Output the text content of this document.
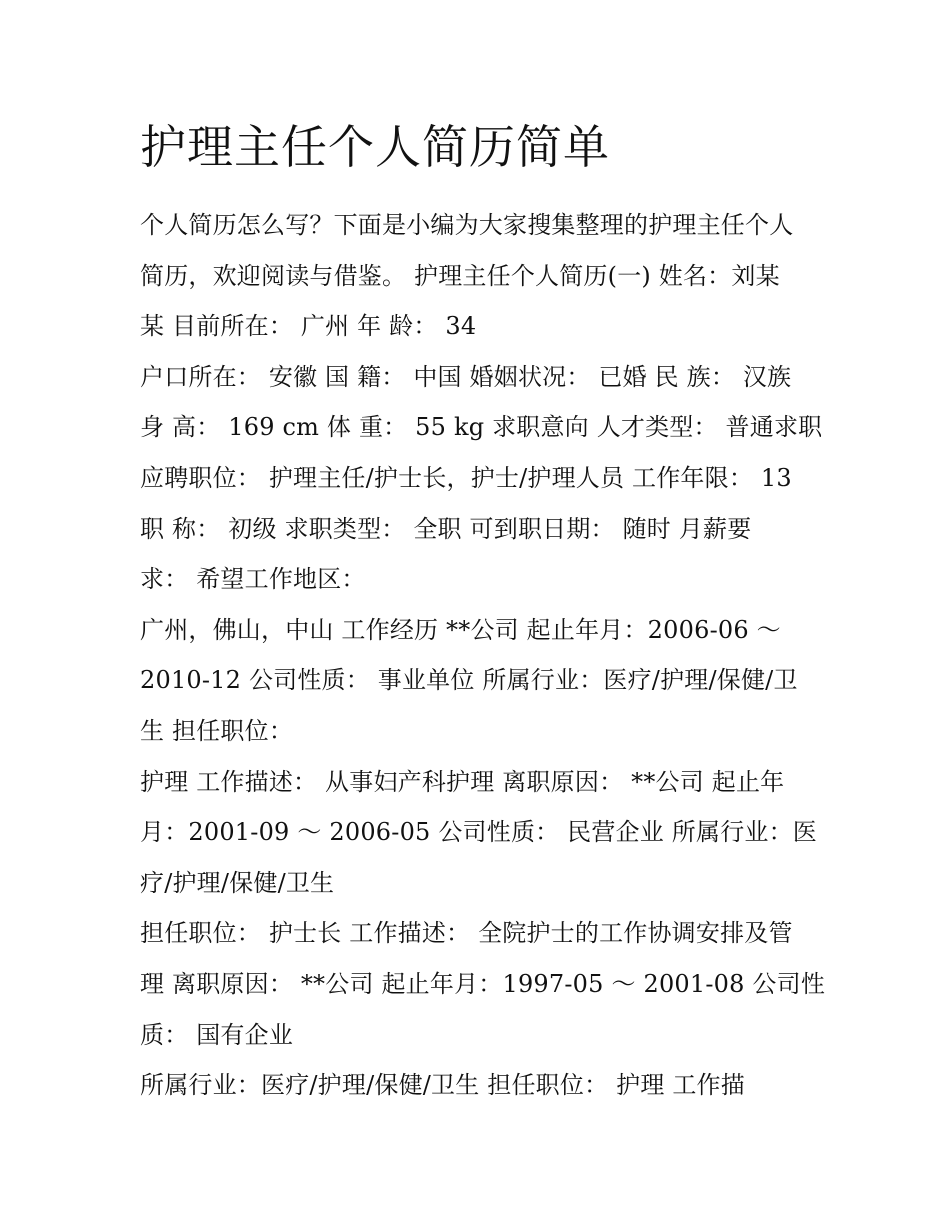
护理主任个人简历简单
个人简历怎么写？下面是小编为大家搜集整理的护理主任个人
简历，欢迎阅读与借鉴。 护理主任个人简历(一) 姓名：刘某
某 目前所在： 广州 年 龄： 34
户口所在： 安徽 国 籍： 中国 婚姻状况： 已婚 民 族： 汉族
身 高： 169 cm 体 重： 55 kg 求职意向 人才类型： 普通求职
应聘职位： 护理主任/护士长，护士/护理人员 工作年限： 13
职 称： 初级 求职类型： 全职 可到职日期： 随时 月薪要
求： 希望工作地区：
广州，佛山，中山 工作经历 **公司 起止年月：2006-06 ～
2010-12 公司性质： 事业单位 所属行业：医疗/护理/保健/卫
生 担任职位：
护理 工作描述： 从事妇产科护理 离职原因： **公司 起止年
月：2001-09 ～ 2006-05 公司性质： 民营企业 所属行业：医
疗/护理/保健/卫生
担任职位： 护士长 工作描述： 全院护士的工作协调安排及管
理 离职原因： **公司 起止年月：1997-05 ～ 2001-08 公司性
质： 国有企业
所属行业：医疗/护理/保健/卫生 担任职位： 护理 工作描
